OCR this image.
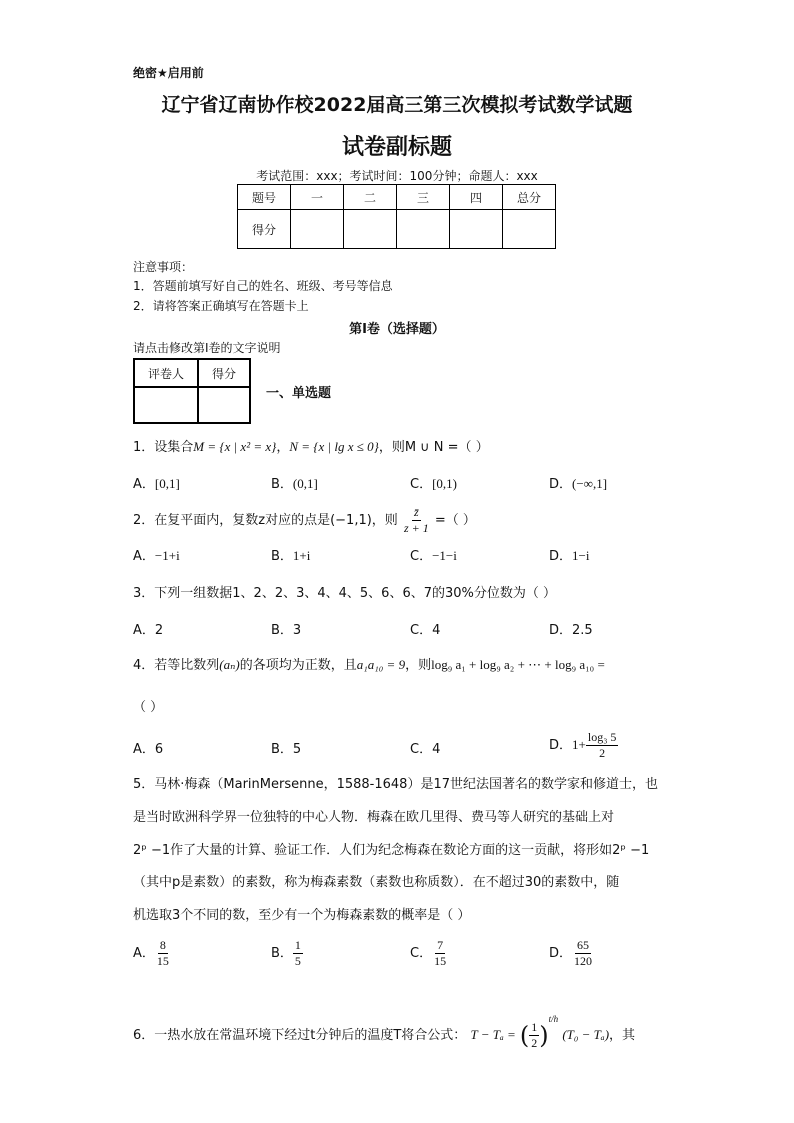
绝密★启用前
辽宁省辽南协作校2022届高三第三次模拟考试数学试题
试卷副标题
考试范围：xxx；考试时间：100分钟；命题人：xxx
题号	一	二	三	四	总分
得分					
注意事项：
1．答题前填写好自己的姓名、班级、考号等信息
2．请将答案正确填写在答题卡上
第I卷（选择题）
请点击修改第I卷的文字说明
评卷人	得分

一、单选题
1．设集合M = {x | x² = x}，N = {x | lg x ≤ 0}，则M ∪ N =（ ）
A．[0,1]	B．(0,1]	C．[0,1)	D．(−∞,1]
2．在复平面内，复数z对应的点是(−1,1)，则 $\frac{z̄}{z + 1}$ =（ ）
A．−1+i	B．1+i	C．−1−i	D．1−i
3．下列一组数据1、2、2、3、4、4、5、6、6、7的30%分位数为（ ）
A．2	B．3	C．4	D．2.5
4．若等比数列(aₙ)的各项均为正数，且a₁a₁₀ = 9，则log₉ a₁ + log₉ a₂ + ⋯ + log₉ a₁₀ =
（ ）
A．6	B．5	C．4	D．$1+ \frac{\text{log₃ 5}}{2}$
5．马林·梅森（MarinMersenne，1588-1648）是17世纪法国著名的数学家和修道士，也
是当时欧洲科学界一位独特的中心人物．梅森在欧几里得、费马等人研究的基础上对
2ᵖ −1作了大量的计算、验证工作．人们为纪念梅森在数论方面的这一贡献，将形如2ᵖ −1
（其中p是素数）的素数，称为梅森素数（素数也称质数）．在不超过30的素数中，随
机选取3个不同的数，至少有一个为梅森素数的概率是（ ）
A． $\frac{8}{15}$	B． $\frac{1}{5}$	C． $\frac{7}{15}$	D． $\frac{65}{120}$
6．一热水放在常温环境下经过t分钟后的温度T将合公式： T − Tₐ = ( $\frac{1}{2} )^{t/h}$ (T₀ − Tₐ)，其
